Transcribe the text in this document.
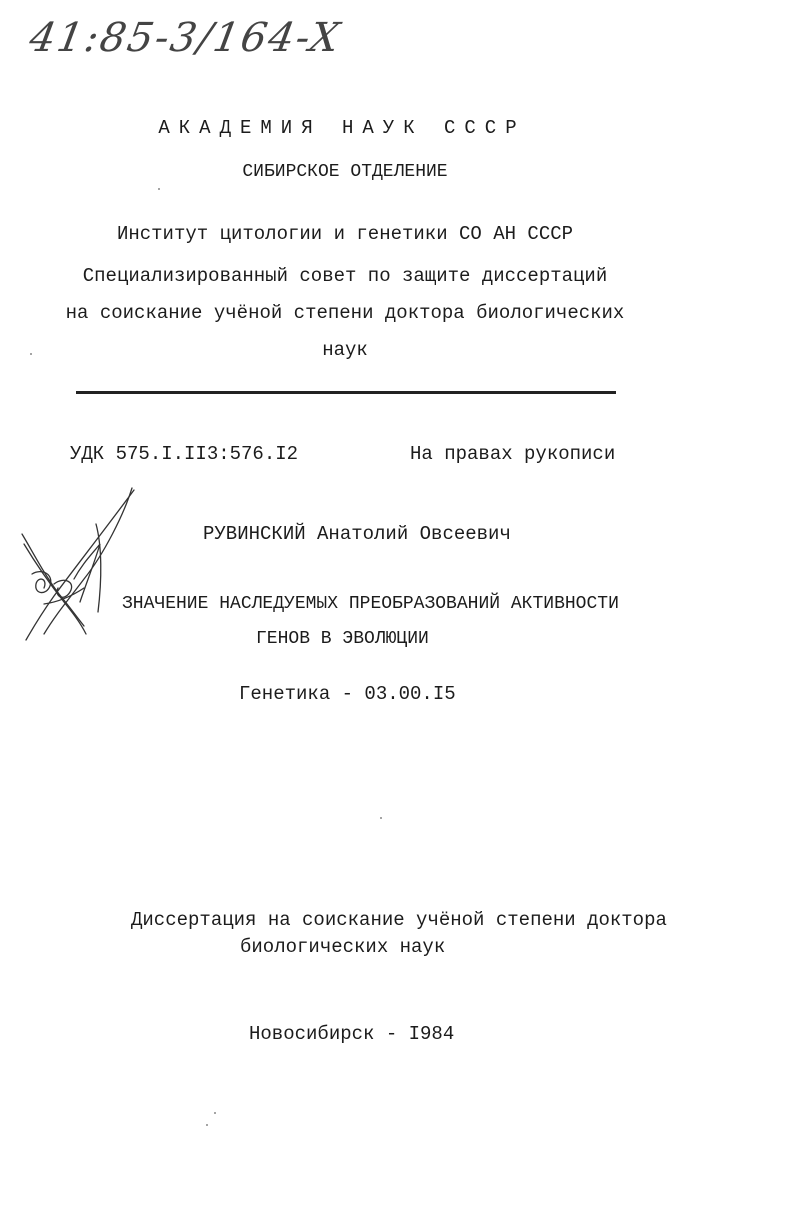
41:85-3/164-X
АКАДЕМИЯ НАУК СССР
СИБИРСКОЕ ОТДЕЛЕНИЕ
Институт цитологии и генетики СО АН СССР
Специализированный совет по защите диссертаций
на соискание учёной степени доктора биологических
наук
УДК 575.I.II3:576.I2	На правах рукописи
РУВИНСКИЙ Анатолий Овсеевич
ЗНАЧЕНИЕ НАСЛЕДУЕМЫХ ПРЕОБРАЗОВАНИЙ АКТИВНОСТИ
ГЕНОВ В ЭВОЛЮЦИИ
Генетика - 03.00.I5
Диссертация на соискание учёной степени доктора
биологических наук
Новосибирск - I984
